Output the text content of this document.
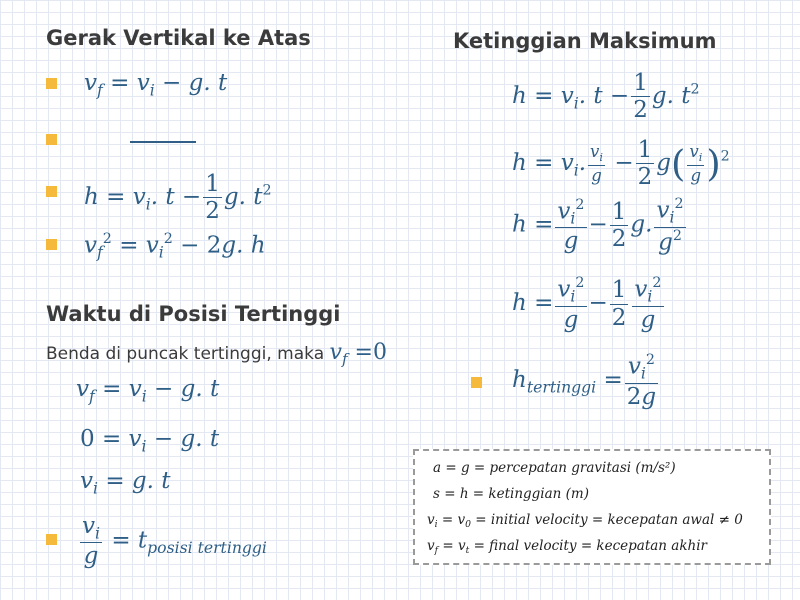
Gerak Vertikal ke Atas	Ketinggian Maksimum
Waktu di Posisi Tertinggi
$v_f = v_i - g$. t
$h = v_i$. $t - \frac{1}{2} g$. $t^2$
$v_f^2 = v_i^2 - 2g$. h
Benda di puncak tertinggi, maka $v_f =0$
$v_f = v_i - g$. t
$0 = v_i - g$. t
$v_i = g$. t
$\frac{v_i}{g} = t_{posisi tertinggi}$
$h = v_i$. $t - \frac{1}{2} g$. $t^2$
$h = v_i$. $\frac{v_i}{g} - \frac{1}{2} g( \frac{v_i}{g} )^2$
$h = \frac{v_i^2}{g} - \frac{1}{2} g$. $\frac{v_i^2}{g^2}$
$h = \frac{v_i^2}{g} - \frac{1}{2} \frac{v_i^2}{g}$
$h_{tertinggi} = \frac{v_i^2}{2g}$
a = g = percepatan gravitasi (m/s²)
s = h = ketinggian (m)
$v_i = v_0$ = initial velocity = kecepatan awal ≠ 0
$v_f = v_t$ = final velocity = kecepatan akhir
